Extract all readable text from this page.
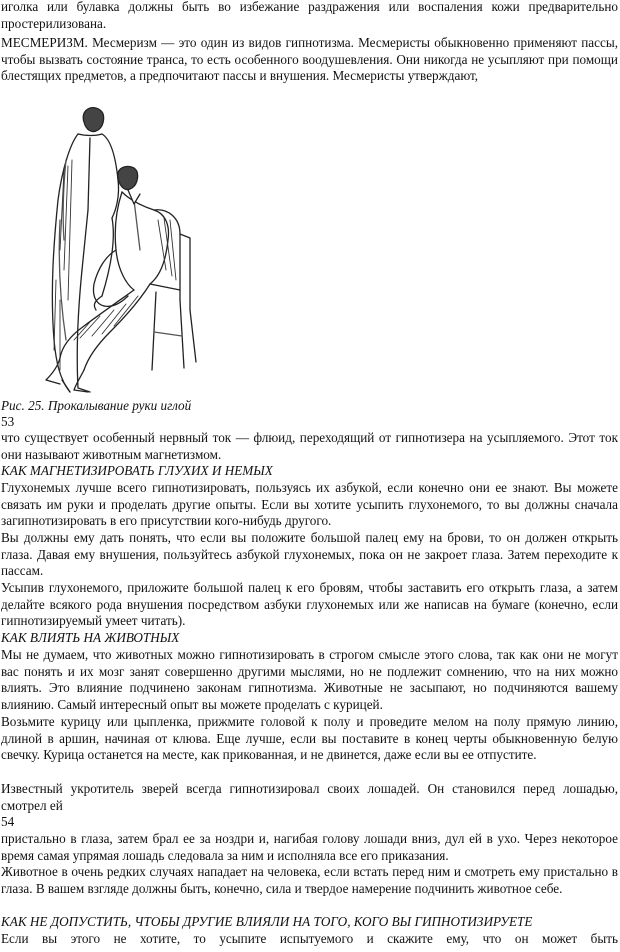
иголка или булавка должны быть во избежание раздражения или воспаления кожи предварительно простерилизована.

МЕСМЕРИЗМ. Месмеризм — это один из видов гипнотизма. Месмеристы обыкновенно применяют пассы, чтобы вызвать состояние транса, то есть особенного воодушевления. Они никогда не усыпляют при помощи блестящих предметов, а предпочитают пассы и внушения. Месмеристы утверждают,

Рис. 25. Прокалывание руки иглой

53

что существует особенный нервный ток — флюид, переходящий от гипнотизера на усыпляемого. Этот ток они называют животным магнетизмом.

КАК МАГНЕТИЗИРОВАТЬ ГЛУХИХ И НЕМЫХ

Глухонемых лучше всего гипнотизировать, пользуясь их азбукой, если конечно они ее знают. Вы можете связать им руки и проделать другие опыты. Если вы хотите усыпить глухонемого, то вы должны сначала загипнотизировать в его присутствии кого-нибудь другого.

Вы должны ему дать понять, что если вы положите большой палец ему на брови, то он должен открыть глаза. Давая ему внушения, пользуйтесь азбукой глухонемых, пока он не закроет глаза. Затем переходите к пассам.

Усыпив глухонемого, приложите большой палец к его бровям, чтобы заставить его открыть глаза, а затем делайте всякого рода внушения посредством азбуки глухонемых или же написав на бумаге (конечно, если гипнотизируемый умеет читать).

КАК ВЛИЯТЬ НА ЖИВОТНЫХ

Мы не думаем, что животных можно гипнотизировать в строгом смысле этого слова, так как они не могут вас понять и их мозг занят совершенно другими мыслями, но не подлежит сомнению, что на них можно влиять. Это влияние подчинено законам гипнотизма. Животные не засыпают, но подчиняются вашему влиянию. Самый интересный опыт вы можете проделать с курицей.

Возьмите курицу или цыпленка, прижмите головой к полу и проведите мелом на полу прямую линию, длиной в аршин, начиная от клюва. Еще лучше, если вы поставите в конец черты обыкновенную белую свечку. Курица останется на месте, как прикованная, и не двинется, даже если вы ее отпустите.

Известный укротитель зверей всегда гипнотизировал своих лошадей. Он становился перед лошадью, смотрел ей

54

пристально в глаза, затем брал ее за ноздри и, нагибая голову лошади вниз, дул ей в ухо. Через некоторое время самая упрямая лошадь следовала за ним и исполняла все его приказания.

Животное в очень редких случаях нападает на человека, если встать перед ним и смотреть ему пристально в глаза. В вашем взгляде должны быть, конечно, сила и твердое намерение подчинить животное себе.

КАК НЕ ДОПУСТИТЬ, ЧТОБЫ ДРУГИЕ ВЛИЯЛИ НА ТОГО, КОГО ВЫ ГИПНОТИЗИРУЕТЕ

Если вы этого не хотите, то усыпите испытуемого и скажите ему, что он может быть
